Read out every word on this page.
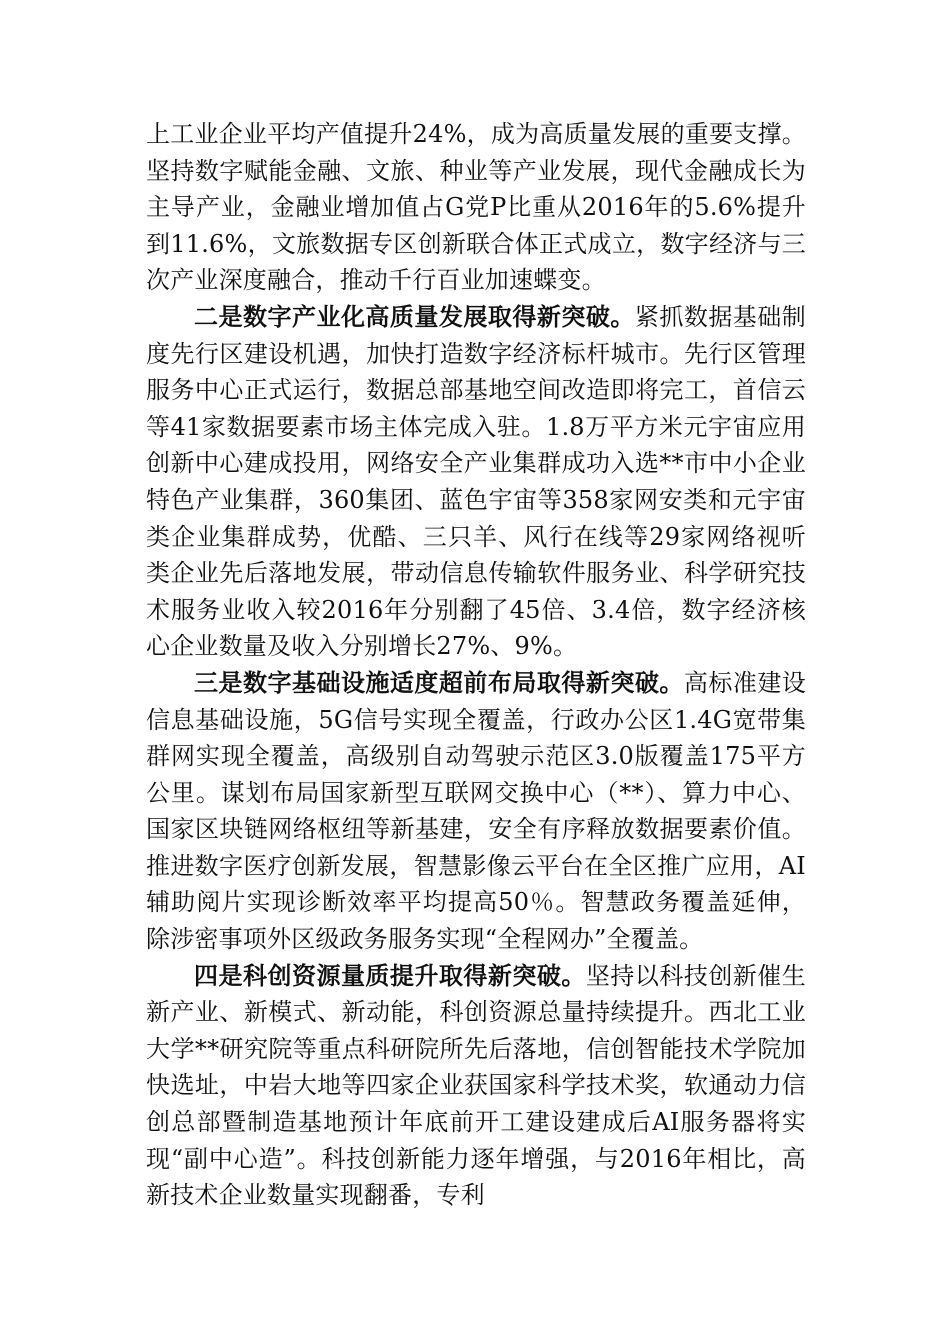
上工业企业平均产值提升24%，成为高质量发展的重要支撑。坚持数字赋能金融、文旅、种业等产业发展，现代金融成长为主导产业，金融业增加值占G党P比重从2016年的5.6%提升到11.6%，文旅数据专区创新联合体正式成立，数字经济与三次产业深度融合，推动千行百业加速蝶变。

二是数字产业化高质量发展取得新突破。紧抓数据基础制度先行区建设机遇，加快打造数字经济标杆城市。先行区管理服务中心正式运行，数据总部基地空间改造即将完工，首信云等41家数据要素市场主体完成入驻。1.8万平方米元宇宙应用创新中心建成投用，网络安全产业集群成功入选**市中小企业特色产业集群，360集团、蓝色宇宙等358家网安类和元宇宙类企业集群成势，优酷、三只羊、风行在线等29家网络视听类企业先后落地发展，带动信息传输软件服务业、科学研究技术服务业收入较2016年分别翻了45倍、3.4倍，数字经济核心企业数量及收入分别增长27%、9%。

三是数字基础设施适度超前布局取得新突破。高标准建设信息基础设施，5G信号实现全覆盖，行政办公区1.4G宽带集群网实现全覆盖，高级别自动驾驶示范区3.0版覆盖175平方公里。谋划布局国家新型互联网交换中心（**）、算力中心、国家区块链网络枢纽等新基建，安全有序释放数据要素价值。推进数字医疗创新发展，智慧影像云平台在全区推广应用，AI辅助阅片实现诊断效率平均提高50％。智慧政务覆盖延伸，除涉密事项外区级政务服务实现“全程网办”全覆盖。

四是科创资源量质提升取得新突破。坚持以科技创新催生新产业、新模式、新动能，科创资源总量持续提升。西北工业大学**研究院等重点科研院所先后落地，信创智能技术学院加快选址，中岩大地等四家企业获国家科学技术奖，软通动力信创总部暨制造基地预计年底前开工建设建成后AI服务器将实现“副中心造”。科技创新能力逐年增强，与2016年相比，高新技术企业数量实现翻番，专利
